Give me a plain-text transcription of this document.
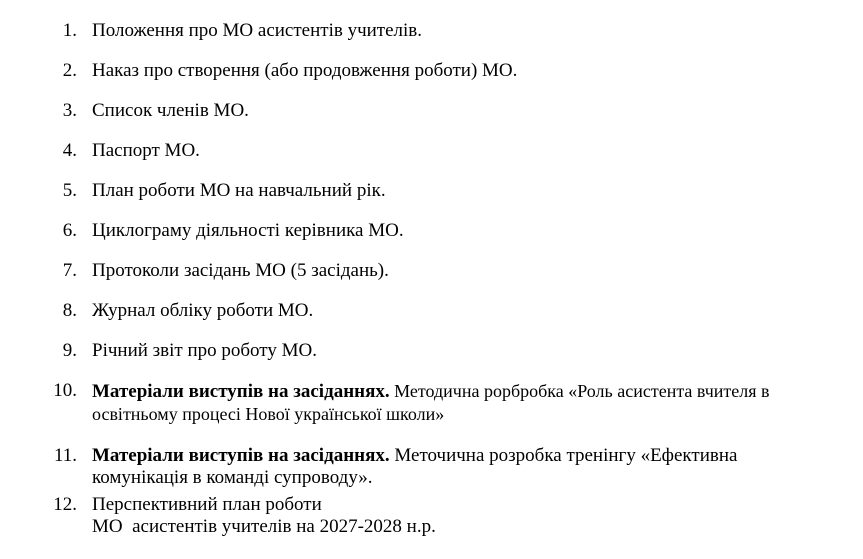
1. Положення про МО асистентів учителів.
2. Наказ про створення (або продовження роботи) МО.
3. Список членів МО.
4. Паспорт МО.
5. План роботи МО на навчальний рік.
6. Циклограму діяльності керівника МО.
7. Протоколи засідань МО (5 засідань).
8. Журнал обліку роботи МО.
9. Річний звіт про роботу МО.
10. Матеріали виступів на засіданнях. Методична рорбробка «Роль асистента вчителя в
освітньому процесі Нової української школи»
11. Матеріали виступів на засіданнях. Меточична розробка тренінгу «Ефективна
комунікація в команді супроводу».
12. Перспективний план роботи
МО  асистентів учителів на 2027-2028 н.р.
